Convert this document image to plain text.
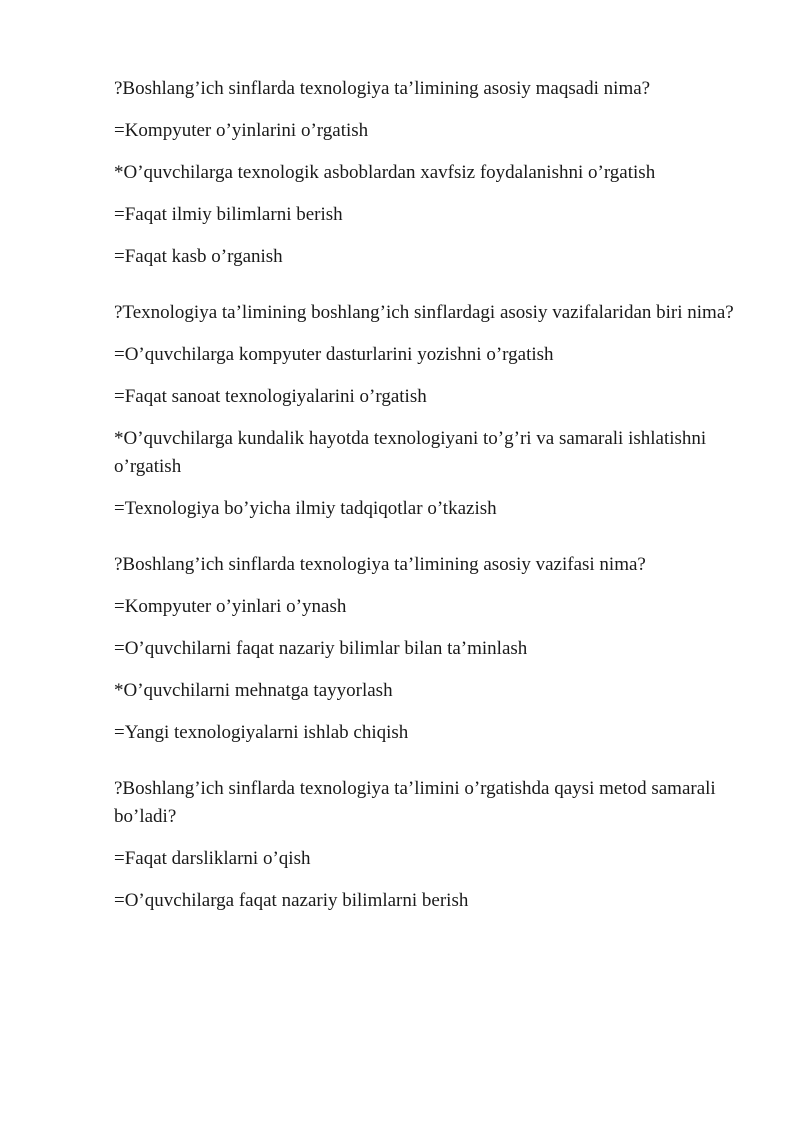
?Boshlang’ich sinflarda texnologiya ta’limining asosiy maqsadi nima?
=Kompyuter o’yinlarini o’rgatish
*O’quvchilarga texnologik asboblardan xavfsiz foydalanishni o’rgatish
=Faqat ilmiy bilimlarni berish
=Faqat kasb o’rganish
?Texnologiya ta’limining boshlang’ich sinflardagi asosiy vazifalaridan biri nima?
=O’quvchilarga kompyuter dasturlarini yozishni o’rgatish
=Faqat sanoat texnologiyalarini o’rgatish
*O’quvchilarga kundalik hayotda texnologiyani to’g’ri va samarali ishlatishni o’rgatish
=Texnologiya bo’yicha ilmiy tadqiqotlar o’tkazish
?Boshlang’ich sinflarda texnologiya ta’limining asosiy vazifasi nima?
=Kompyuter o’yinlari o’ynash
=O’quvchilarni faqat nazariy bilimlar bilan ta’minlash
*O’quvchilarni mehnatga tayyorlash
=Yangi texnologiyalarni ishlab chiqish
?Boshlang’ich sinflarda texnologiya ta’limini o’rgatishda qaysi metod samarali bo’ladi?
=Faqat darsliklarni o’qish
=O’quvchilarga faqat nazariy bilimlarni berish
